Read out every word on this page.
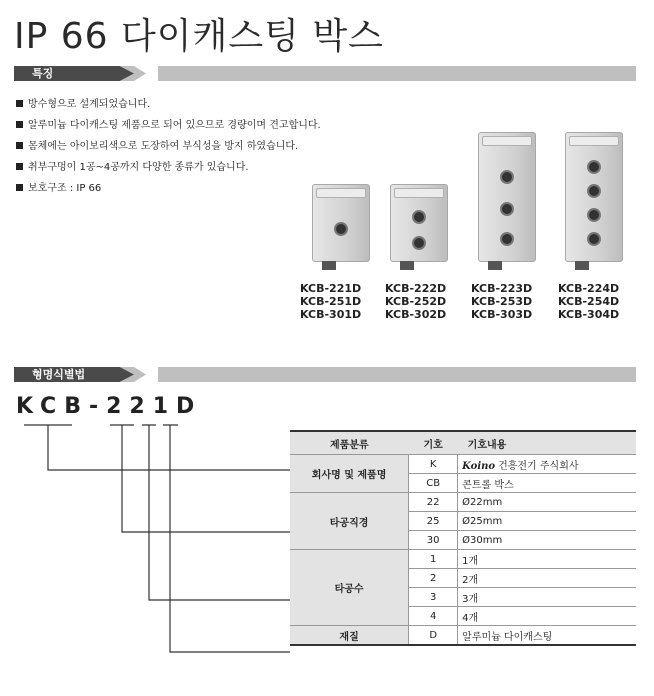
IP 66 다이캐스팅 박스
특징
방수형으로 설계되었습니다.
알루미늄 다이캐스팅 제품으로 되어 있으므로 경량이며 견고합니다.
몸체에는 아이보리색으로 도장하여 부식성을 방지 하였습니다.
취부구멍이 1공~4공까지 다양한 종류가 있습니다.
보호구조 : IP 66
KCB-221D
KCB-251D
KCB-301D
KCB-222D
KCB-252D
KCB-302D
KCB-223D
KCB-253D
KCB-303D
KCB-224D
KCB-254D
KCB-304D
형명식별법
KCB-221D
제품분류	기호	기호내용
회사명 및 제품명	K	Koino 건흥전기 주식회사
	CB	콘트롤 박스
타공직경	22	Ø22mm
	25	Ø25mm
	30	Ø30mm
타공수	1	1개
	2	2개
	3	3개
	4	4개
재질	D	알루미늄 다이캐스팅
